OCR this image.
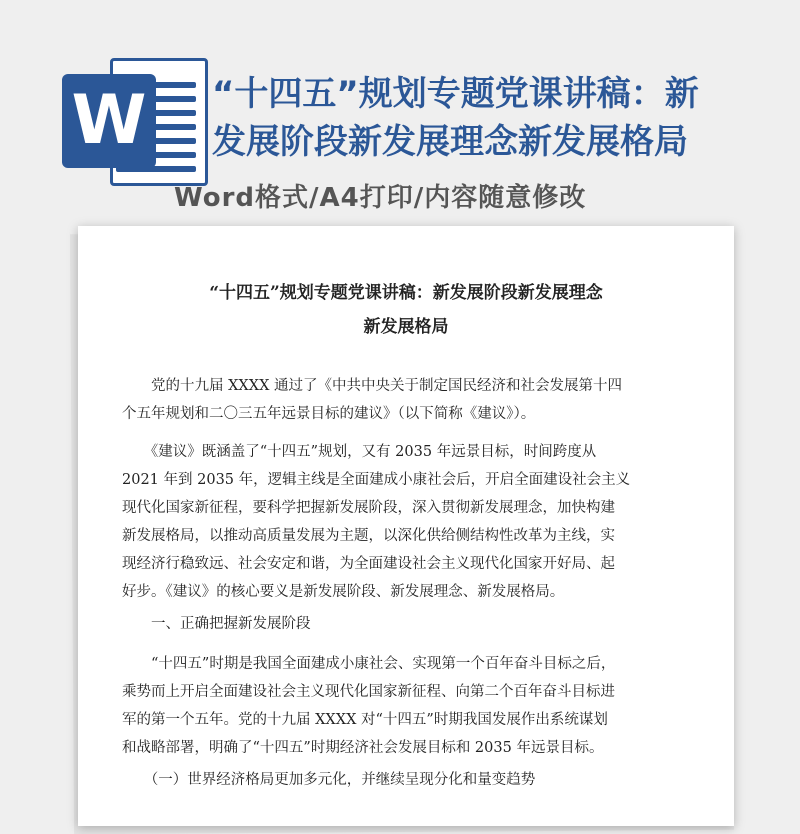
W “十四五”规划专题党课讲稿：新
发展阶段新发展理念新发展格局
Word格式/A4打印/内容随意修改
“十四五”规划专题党课讲稿：新发展阶段新发展理念
新发展格局
　　党的十九届 XXXX 通过了《中共中央关于制定国民经济和社会发展第十四
个五年规划和二〇三五年远景目标的建议》（以下简称《建议》）。
　　《建议》既涵盖了“十四五”规划，又有 2035 年远景目标，时间跨度从
2021 年到 2035 年，逻辑主线是全面建成小康社会后，开启全面建设社会主义
现代化国家新征程，要科学把握新发展阶段，深入贯彻新发展理念，加快构建
新发展格局，以推动高质量发展为主题，以深化供给侧结构性改革为主线，实
现经济行稳致远、社会安定和谐，为全面建设社会主义现代化国家开好局、起
好步。《建议》的核心要义是新发展阶段、新发展理念、新发展格局。
　　一、正确把握新发展阶段
　　“十四五”时期是我国全面建成小康社会、实现第一个百年奋斗目标之后，
乘势而上开启全面建设社会主义现代化国家新征程、向第二个百年奋斗目标进
军的第一个五年。党的十九届 XXXX 对“十四五”时期我国发展作出系统谋划
和战略部署，明确了“十四五”时期经济社会发展目标和 2035 年远景目标。
　　（一）世界经济格局更加多元化，并继续呈现分化和量变趋势
